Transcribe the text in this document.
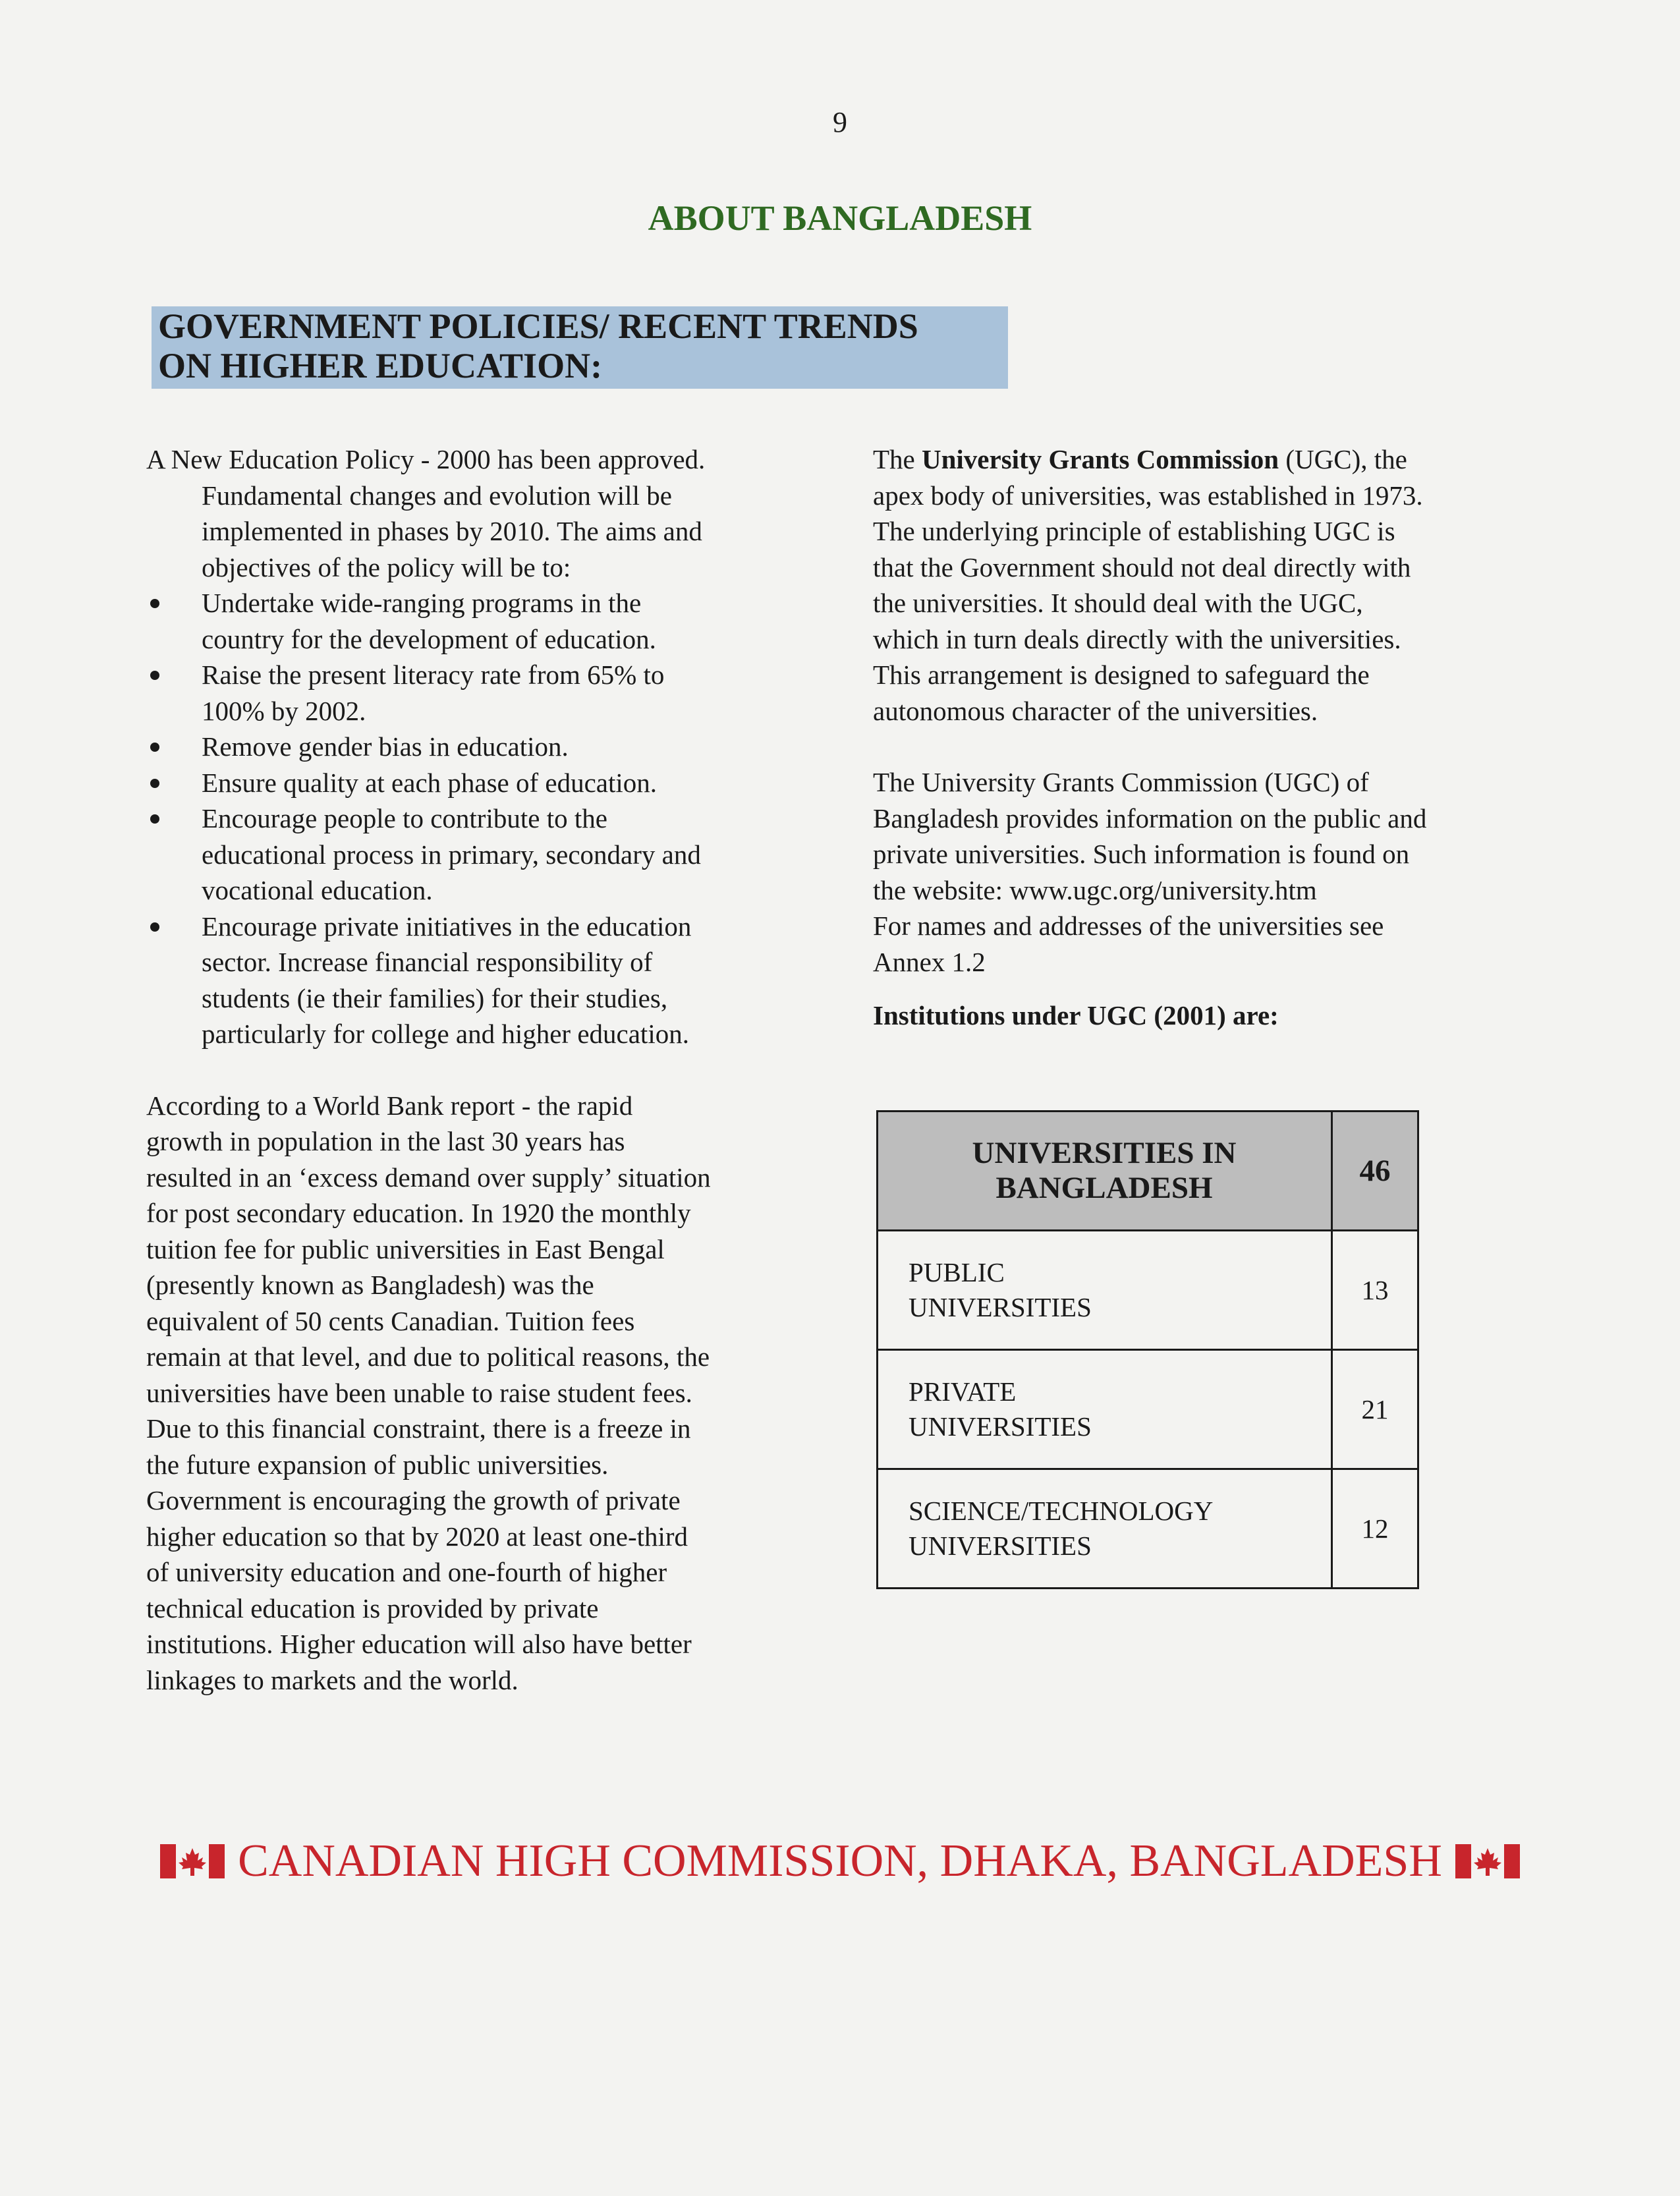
9
ABOUT BANGLADESH
GOVERNMENT POLICIES/ RECENT TRENDS
ON HIGHER EDUCATION:

A New Education Policy - 2000 has been approved.

Fundamental changes and evolution will be
implemented in phases by 2010. The aims and
objectives of the policy will be to:
Undertake wide-ranging programs in the
country for the development of education.
Raise the present literacy rate from 65% to
100% by 2002.
Remove gender bias in education.
Ensure quality at each phase of education.
Encourage people to contribute to the
educational process in primary, secondary and
vocational education.
Encourage private initiatives in the education
sector. Increase financial responsibility of
students (ie their families) for their studies,
particularly for college and higher education.
According to a World Bank report - the rapid
growth in population in the last 30 years has
resulted in an ‘excess demand over supply’ situation
for post secondary education. In 1920 the monthly
tuition fee for public universities in East Bengal
(presently known as Bangladesh) was the
equivalent of 50 cents Canadian. Tuition fees
remain at that level, and due to political reasons, the
universities have been unable to raise student fees.
Due to this financial constraint, there is a freeze in
the future expansion of public universities.
Government is encouraging the growth of private
higher education so that by 2020 at least one-third
of university education and one-fourth of higher
technical education is provided by private
institutions. Higher education will also have better
linkages to markets and the world.
The University Grants Commission (UGC), the
apex body of universities, was established in 1973.
The underlying principle of establishing UGC is
that the Government should not deal directly with
the universities. It should deal with the UGC,
which in turn deals directly with the universities.
This arrangement is designed to safeguard the
autonomous character of the universities.
The University Grants Commission (UGC) of
Bangladesh provides information on the public and
private universities. Such information is found on
the website: www.ugc.org/university.htm
For names and addresses of the universities see
Annex 1.2
Institutions under UGC (2001) are:
UNIVERSITIES IN
BANGLADESH	46

PUBLIC
UNIVERSITIES	13

PRIVATE
UNIVERSITIES	21

SCIENCE/TECHNOLOGY
UNIVERSITIES	12
CANADIAN HIGH COMMISSION, DHAKA, BANGLADESH
